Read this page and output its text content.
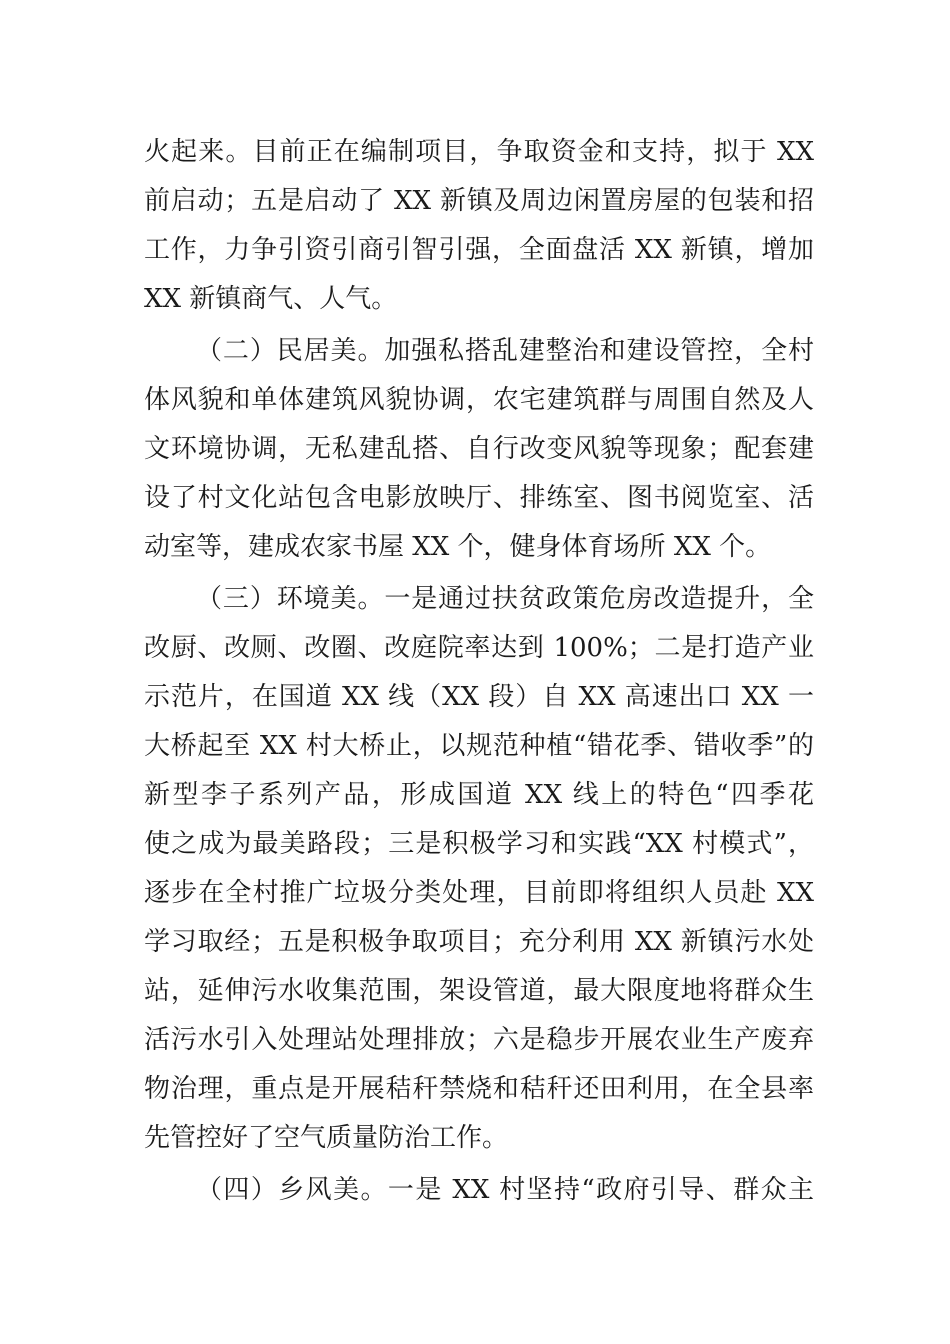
火起来。目前正在编制项目，争取资金和支持，拟于 XX
前启动；五是启动了 XX 新镇及周边闲置房屋的包装和招
工作，力争引资引商引智引强，全面盘活 XX 新镇，增加
XX 新镇商气、人气。
（二）民居美。加强私搭乱建整治和建设管控，全村
体风貌和单体建筑风貌协调，农宅建筑群与周围自然及人
文环境协调，无私建乱搭、自行改变风貌等现象；配套建
设了村文化站包含电影放映厅、排练室、图书阅览室、活
动室等，建成农家书屋 XX 个，健身体育场所 XX 个。
（三）环境美。一是通过扶贫政策危房改造提升，全
改厨、改厕、改圈、改庭院率达到 100%；二是打造产业
示范片，在国道 XX 线（XX 段）自 XX 高速出口 XX 一
大桥起至 XX 村大桥止，以规范种植“错花季、错收季”的
新型李子系列产品，形成国道 XX 线上的特色“四季花
使之成为最美路段；三是积极学习和实践“XX 村模式”，
逐步在全村推广垃圾分类处理，目前即将组织人员赴 XX
学习取经；五是积极争取项目；充分利用 XX 新镇污水处
站，延伸污水收集范围，架设管道，最大限度地将群众生
活污水引入处理站处理排放；六是稳步开展农业生产废弃
物治理，重点是开展秸秆禁烧和秸秆还田利用，在全县率
先管控好了空气质量防治工作。
（四）乡风美。一是 XX 村坚持“政府引导、群众主
